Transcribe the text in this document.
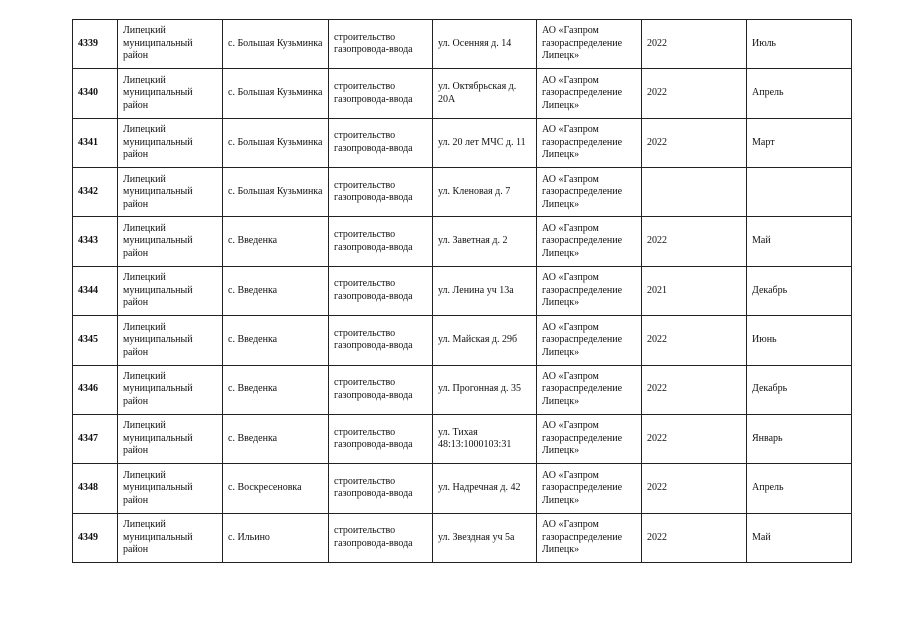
4339	Липецкий муниципальный район	с. Большая Кузьминка	строительство газопровода-ввода	ул. Осенняя д. 14	АО «Газпром газораспределение Липецк»	2022	Июль
4340	Липецкий муниципальный район	с. Большая Кузьминка	строительство газопровода-ввода	ул. Октябрьская д. 20А	АО «Газпром газораспределение Липецк»	2022	Апрель
4341	Липецкий муниципальный район	с. Большая Кузьминка	строительство газопровода-ввода	ул. 20 лет МЧС д. 11	АО «Газпром газораспределение Липецк»	2022	Март
4342	Липецкий муниципальный район	с. Большая Кузьминка	строительство газопровода-ввода	ул. Кленовая д. 7	АО «Газпром газораспределение Липецк»		
4343	Липецкий муниципальный район	с. Введенка	строительство газопровода-ввода	ул. Заветная д. 2	АО «Газпром газораспределение Липецк»	2022	Май
4344	Липецкий муниципальный район	с. Введенка	строительство газопровода-ввода	ул. Ленина уч 13а	АО «Газпром газораспределение Липецк»	2021	Декабрь
4345	Липецкий муниципальный район	с. Введенка	строительство газопровода-ввода	ул. Майская д. 29б	АО «Газпром газораспределение Липецк»	2022	Июнь
4346	Липецкий муниципальный район	с. Введенка	строительство газопровода-ввода	ул. Прогонная д. 35	АО «Газпром газораспределение Липецк»	2022	Декабрь
4347	Липецкий муниципальный район	с. Введенка	строительство газопровода-ввода	ул. Тихая 48:13:1000103:31	АО «Газпром газораспределение Липецк»	2022	Январь
4348	Липецкий муниципальный район	с. Воскресеновка	строительство газопровода-ввода	ул. Надречная д. 42	АО «Газпром газораспределение Липецк»	2022	Апрель
4349	Липецкий муниципальный район	с. Ильино	строительство газопровода-ввода	ул. Звездная уч 5а	АО «Газпром газораспределение Липецк»	2022	Май
